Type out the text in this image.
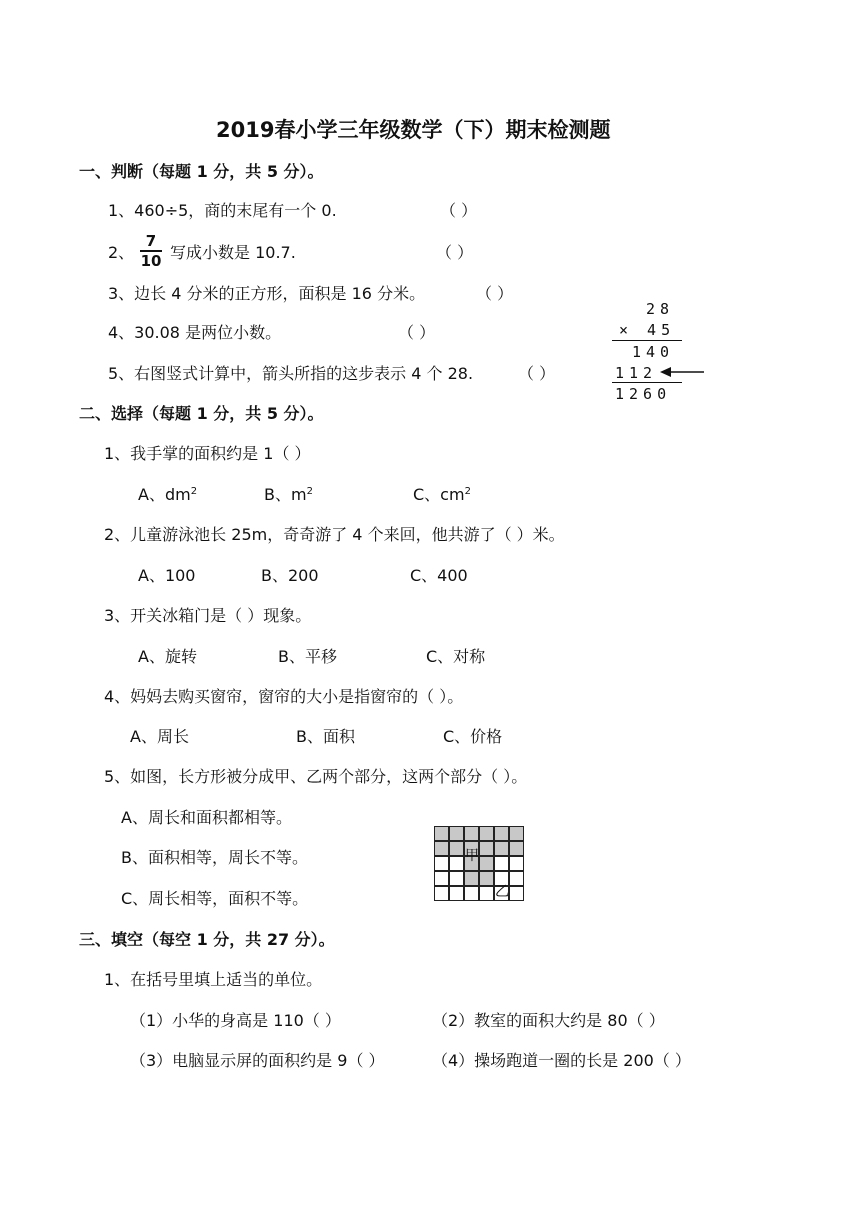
2019春小学三年级数学（下）期末检测题
一、判断（每题 1 分，共 5 分）。
1、460÷5，商的末尾有一个 0.	（ ）
2、
7
10 写成小数是 10.7.	（ ）
3、边长 4 分米的正方形，面积是 16 分米。	（ ）
4、30.08 是两位小数。	（ ）
5、右图竖式计算中，箭头所指的这步表示 4 个 28.	（ ）
28
× 45
140
112
1260
二、选择（每题 1 分，共 5 分）。
1、我手掌的面积约是 1（ ）
A、$dm^2$	B、$m^2$	C、$cm^2$
2、儿童游泳池长 25m，奇奇游了 4 个来回，他共游了（ ）米。
A、100	B、200	C、400
3、开关冰箱门是（ ）现象。
A、旋转	B、平移	C、对称
4、妈妈去购买窗帘，窗帘的大小是指窗帘的（ ）。
A、周长	B、面积	C、价格
5、如图，长方形被分成甲、乙两个部分，这两个部分（ ）。
A、周长和面积都相等。
B、面积相等，周长不等。
C、周长相等，面积不等。
甲
乙
三、填空（每空 1 分，共 27 分）。
1、在括号里填上适当的单位。
（1）小华的身高是 110（ ）	（2）教室的面积大约是 80（ ）
（3）电脑显示屏的面积约是 9（ ）	（4）操场跑道一圈的长是 200（ ）
